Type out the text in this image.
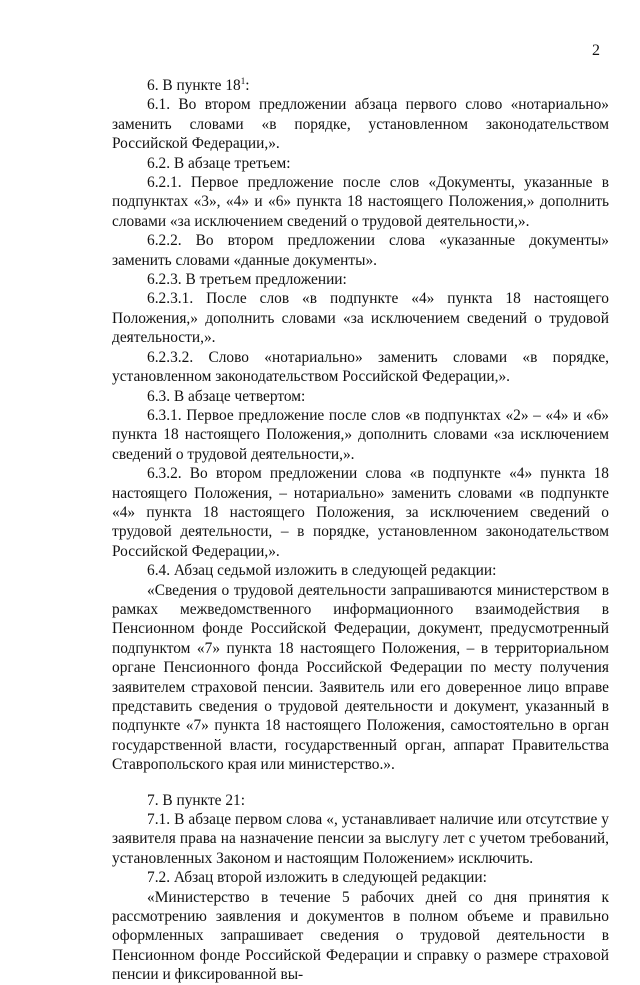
2

6. В пункте $18^1$:

6.1. Во втором предложении абзаца первого слово «нотариально» заменить словами «в порядке, установленном законодательством Российской Федерации,».

6.2. В абзаце третьем:

6.2.1. Первое предложение после слов «Документы, указанные в подпунктах «3», «4» и «6» пункта 18 настоящего Положения,» дополнить словами «за исключением сведений о трудовой деятельности,».

6.2.2. Во втором предложении слова «указанные документы» заменить словами «данные документы».

6.2.3. В третьем предложении:

6.2.3.1. После слов «в подпункте «4» пункта 18 настоящего Положения,» дополнить словами «за исключением сведений о трудовой деятельности,».

6.2.3.2. Слово «нотариально» заменить словами «в порядке, установленном законодательством Российской Федерации,».

6.3. В абзаце четвертом:

6.3.1. Первое предложение после слов «в подпунктах «2» – «4» и «6» пункта 18 настоящего Положения,» дополнить словами «за исключением сведений о трудовой деятельности,».

6.3.2. Во втором предложении слова «в подпункте «4» пункта 18 настоящего Положения, – нотариально» заменить словами «в подпункте «4» пункта 18 настоящего Положения, за исключением сведений о трудовой деятельности, – в порядке, установленном законодательством Российской Федерации,».

6.4. Абзац седьмой изложить в следующей редакции:

«Сведения о трудовой деятельности запрашиваются министерством в рамках межведомственного информационного взаимодействия в Пенсионном фонде Российской Федерации, документ, предусмотренный подпунктом «7» пункта 18 настоящего Положения, – в территориальном органе Пенсионного фонда Российской Федерации по месту получения заявителем страховой пенсии. Заявитель или его доверенное лицо вправе представить сведения о трудовой деятельности и документ, указанный в подпункте «7» пункта 18 настоящего Положения, самостоятельно в орган государственной власти, государственный орган, аппарат Правительства Ставропольского края или министерство.».

7. В пункте 21:

7.1. В абзаце первом слова «, устанавливает наличие или отсутствие у заявителя права на назначение пенсии за выслугу лет с учетом требований, установленных Законом и настоящим Положением» исключить.

7.2. Абзац второй изложить в следующей редакции:

«Министерство в течение 5 рабочих дней со дня принятия к рассмотрению заявления и документов в полном объеме и правильно оформленных запрашивает сведения о трудовой деятельности в Пенсионном фонде Российской Федерации и справку о размере страховой пенсии и фиксированной вы-
